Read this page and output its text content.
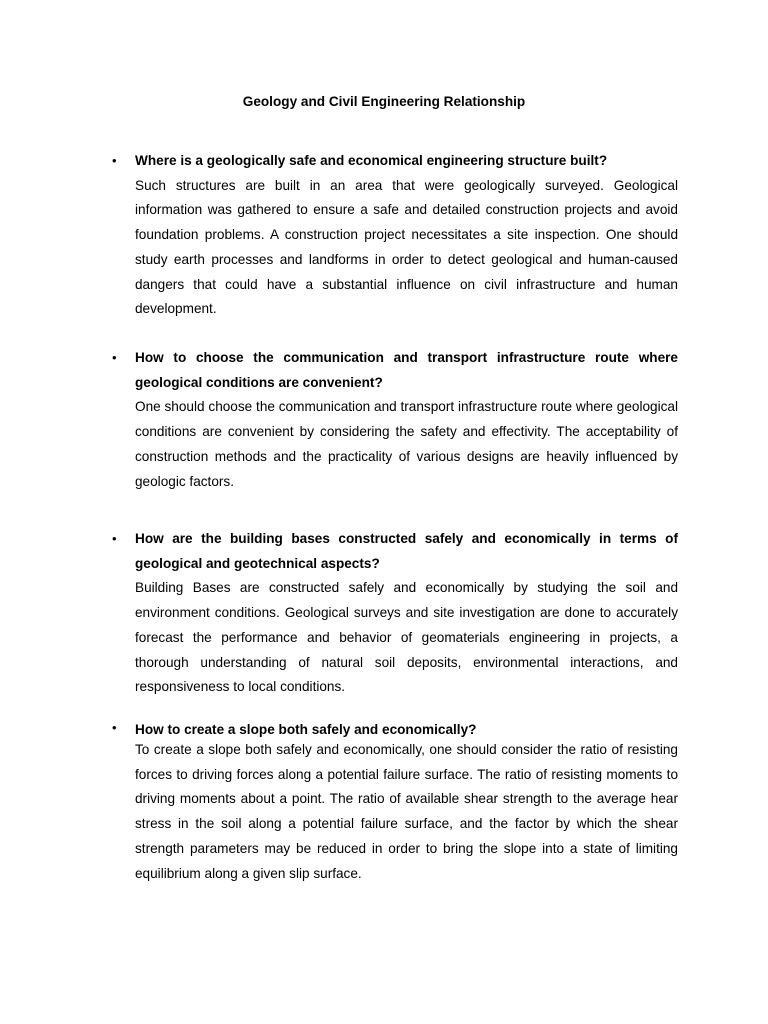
Geology and Civil Engineering Relationship
•	Where is a geologically safe and economical engineering structure built?
Such structures are built in an area that were geologically surveyed. Geological information was gathered to ensure a safe and detailed construction projects and avoid foundation problems. A construction project necessitates a site inspection. One should study earth processes and landforms in order to detect geological and human-caused dangers that could have a substantial influence on civil infrastructure and human development.
•	How to choose the communication and transport infrastructure route where geological conditions are convenient?
One should choose the communication and transport infrastructure route where geological conditions are convenient by considering the safety and effectivity. The acceptability of construction methods and the practicality of various designs are heavily influenced by geologic factors.
•	How are the building bases constructed safely and economically in terms of geological and geotechnical aspects?
Building Bases are constructed safely and economically by studying the soil and environment conditions. Geological surveys and site investigation are done to accurately forecast the performance and behavior of geomaterials engineering in projects, a thorough understanding of natural soil deposits, environmental interactions, and responsiveness to local conditions.
•	How to create a slope both safely and economically?
To create a slope both safely and economically, one should consider the ratio of resisting forces to driving forces along a potential failure surface. The ratio of resisting moments to driving moments about a point. The ratio of available shear strength to the average hear stress in the soil along a potential failure surface, and the factor by which the shear strength parameters may be reduced in order to bring the slope into a state of limiting equilibrium along a given slip surface.
